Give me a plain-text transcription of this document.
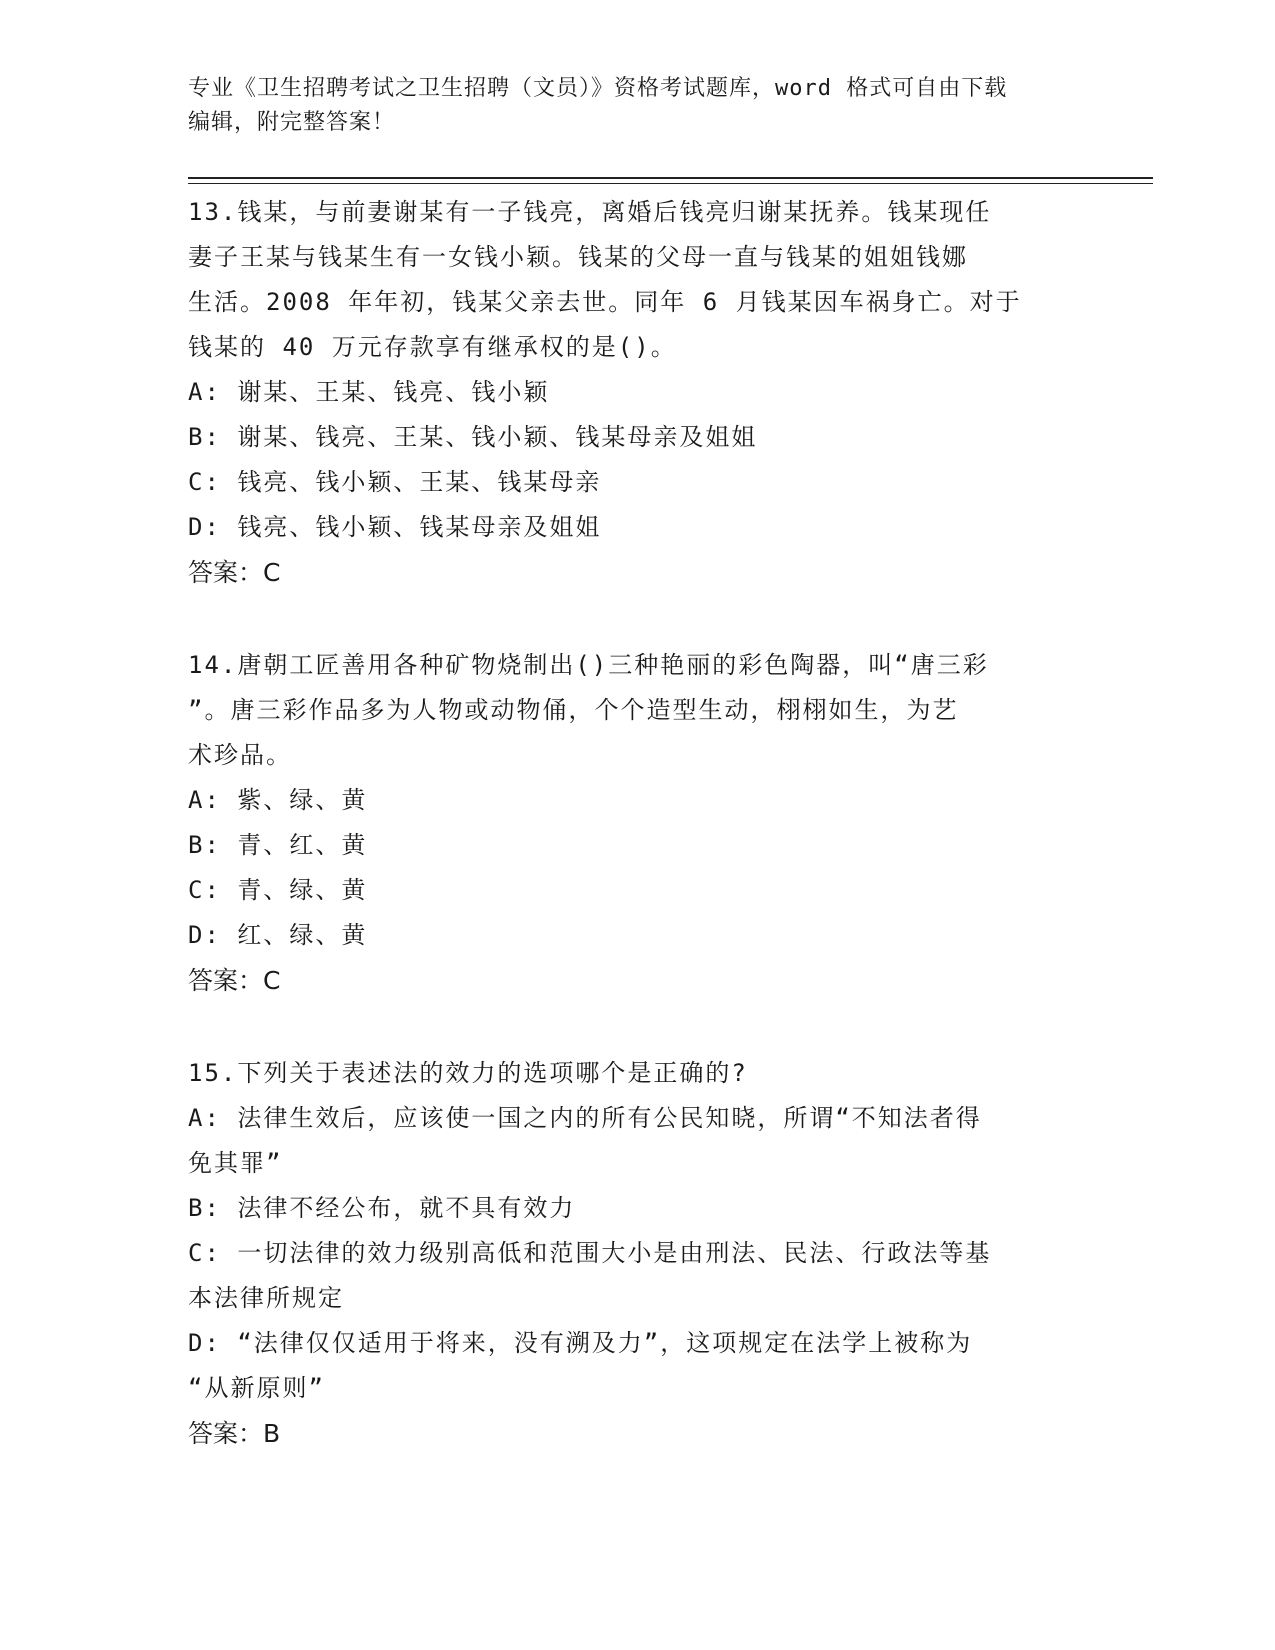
专业《卫生招聘考试之卫生招聘（文员）》资格考试题库，word 格式可自由下载
编辑，附完整答案！
13.钱某，与前妻谢某有一子钱亮，离婚后钱亮归谢某抚养。钱某现任
妻子王某与钱某生有一女钱小颖。钱某的父母一直与钱某的姐姐钱娜
生活。2008 年年初，钱某父亲去世。同年 6 月钱某因车祸身亡。对于
钱某的 40 万元存款享有继承权的是()。
A: 谢某、王某、钱亮、钱小颖
B: 谢某、钱亮、王某、钱小颖、钱某母亲及姐姐
C: 钱亮、钱小颖、王某、钱某母亲
D: 钱亮、钱小颖、钱某母亲及姐姐
答案：C
14.唐朝工匠善用各种矿物烧制出()三种艳丽的彩色陶器，叫“唐三彩
”。唐三彩作品多为人物或动物俑，个个造型生动，栩栩如生，为艺
术珍品。
A: 紫、绿、黄
B: 青、红、黄
C: 青、绿、黄
D: 红、绿、黄
答案：C
15.下列关于表述法的效力的选项哪个是正确的?
A: 法律生效后，应该使一国之内的所有公民知晓，所谓“不知法者得
免其罪”
B: 法律不经公布，就不具有效力
C: 一切法律的效力级别高低和范围大小是由刑法、民法、行政法等基
本法律所规定
D: “法律仅仅适用于将来，没有溯及力”，这项规定在法学上被称为
“从新原则”
答案：B
